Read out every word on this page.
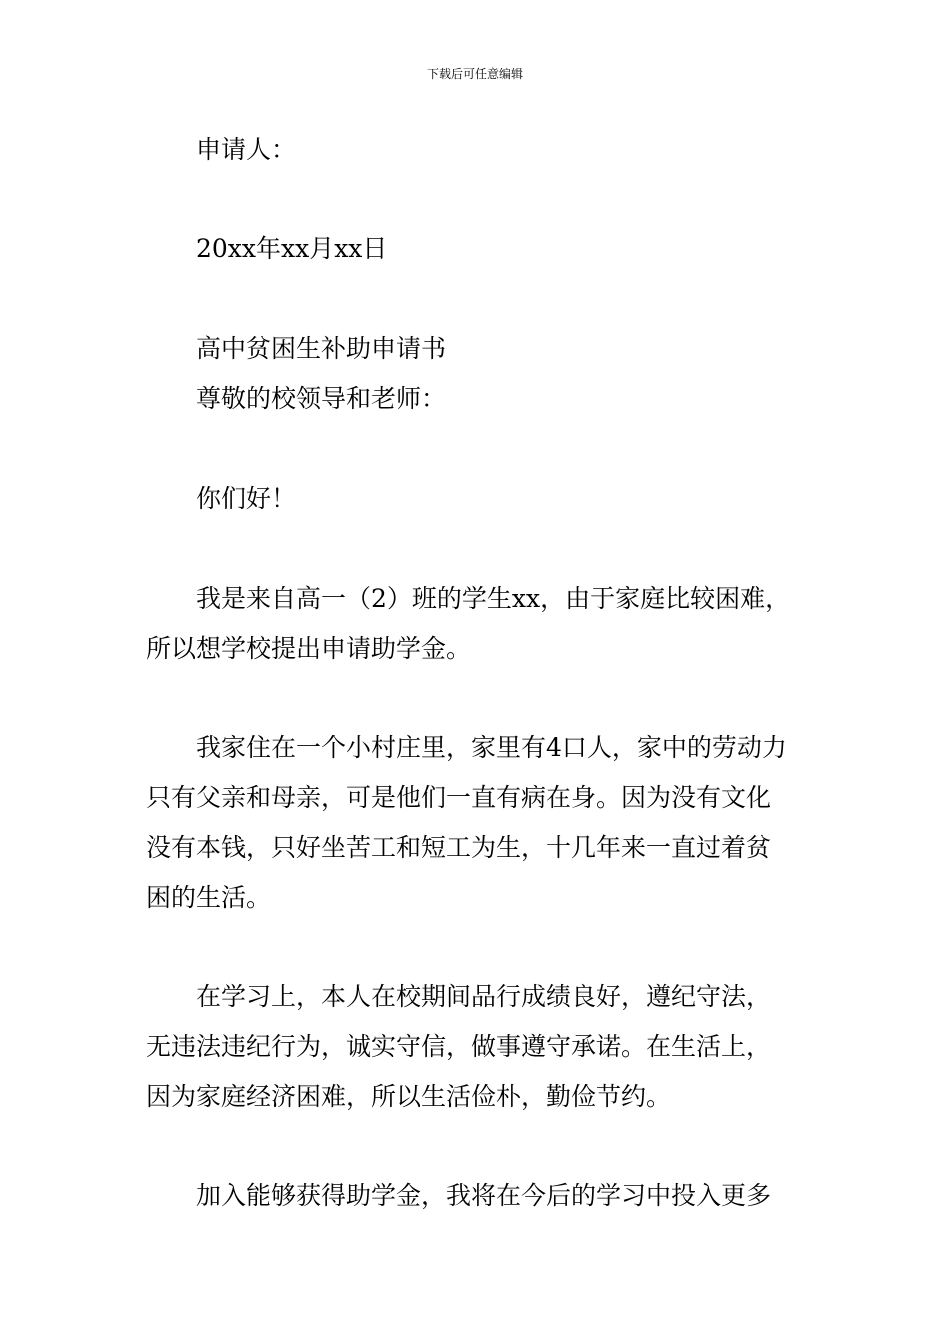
下载后可任意编辑
申请人：
20xx年xx月xx日
高中贫困生补助申请书
尊敬的校领导和老师：
你们好！
我是来自高一（2）班的学生xx，由于家庭比较困难，
所以想学校提出申请助学金。
我家住在一个小村庄里，家里有4口人，家中的劳动力
只有父亲和母亲，可是他们一直有病在身。因为没有文化
没有本钱，只好坐苦工和短工为生，十几年来一直过着贫
困的生活。
在学习上，本人在校期间品行成绩良好，遵纪守法，
无违法违纪行为，诚实守信，做事遵守承诺。在生活上，
因为家庭经济困难，所以生活俭朴，勤俭节约。
加入能够获得助学金，我将在今后的学习中投入更多
